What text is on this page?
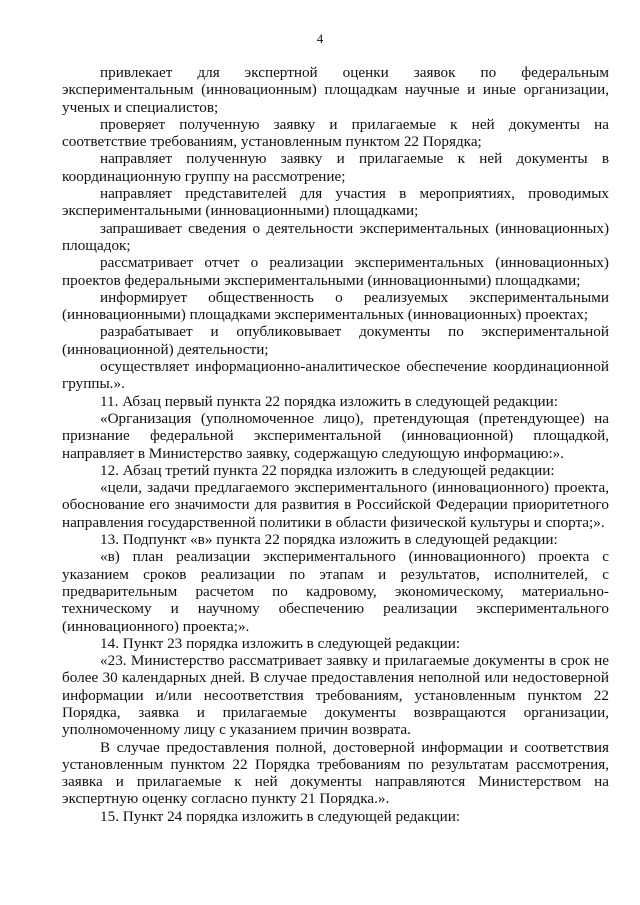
4

привлекает для экспертной оценки заявок по федеральным экспериментальным (инновационным) площадкам научные и иные организации, ученых и специалистов;

проверяет полученную заявку и прилагаемые к ней документы на соответствие требованиям, установленным пунктом 22 Порядка;

направляет полученную заявку и прилагаемые к ней документы в координационную группу на рассмотрение;

направляет представителей для участия в мероприятиях, проводимых экспериментальными (инновационными) площадками;

запрашивает сведения о деятельности экспериментальных (инновационных) площадок;

рассматривает отчет о реализации экспериментальных (инновационных) проектов федеральными экспериментальными (инновационными) площадками;

информирует общественность о реализуемых экспериментальными (инновационными) площадками экспериментальных (инновационных) проектах;

разрабатывает и опубликовывает документы по экспериментальной (инновационной) деятельности;

осуществляет информационно-аналитическое обеспечение координационной группы.».

11. Абзац первый пункта 22 порядка изложить в следующей редакции:

«Организация (уполномоченное лицо), претендующая (претендующее) на признание федеральной экспериментальной (инновационной) площадкой, направляет в Министерство заявку, содержащую следующую информацию:».

12. Абзац третий пункта 22 порядка изложить в следующей редакции:

«цели, задачи предлагаемого экспериментального (инновационного) проекта, обоснование его значимости для развития в Российской Федерации приоритетного направления государственной политики в области физической культуры и спорта;».

13. Подпункт «в» пункта 22 порядка изложить в следующей редакции:

«в) план реализации экспериментального (инновационного) проекта с указанием сроков реализации по этапам и результатов, исполнителей, с предварительным расчетом по кадровому, экономическому, материально-техническому и научному обеспечению реализации экспериментального (инновационного) проекта;».

14. Пункт 23 порядка изложить в следующей редакции:

«23. Министерство рассматривает заявку и прилагаемые документы в срок не более 30 календарных дней. В случае предоставления неполной или недостоверной информации и/или несоответствия требованиям, установленным пунктом 22 Порядка, заявка и прилагаемые документы возвращаются организации, уполномоченному лицу с указанием причин возврата.

В случае предоставления полной, достоверной информации и соответствия установленным пунктом 22 Порядка требованиям по результатам рассмотрения, заявка и прилагаемые к ней документы направляются Министерством на экспертную оценку согласно пункту 21 Порядка.».

15. Пункт 24 порядка изложить в следующей редакции:
